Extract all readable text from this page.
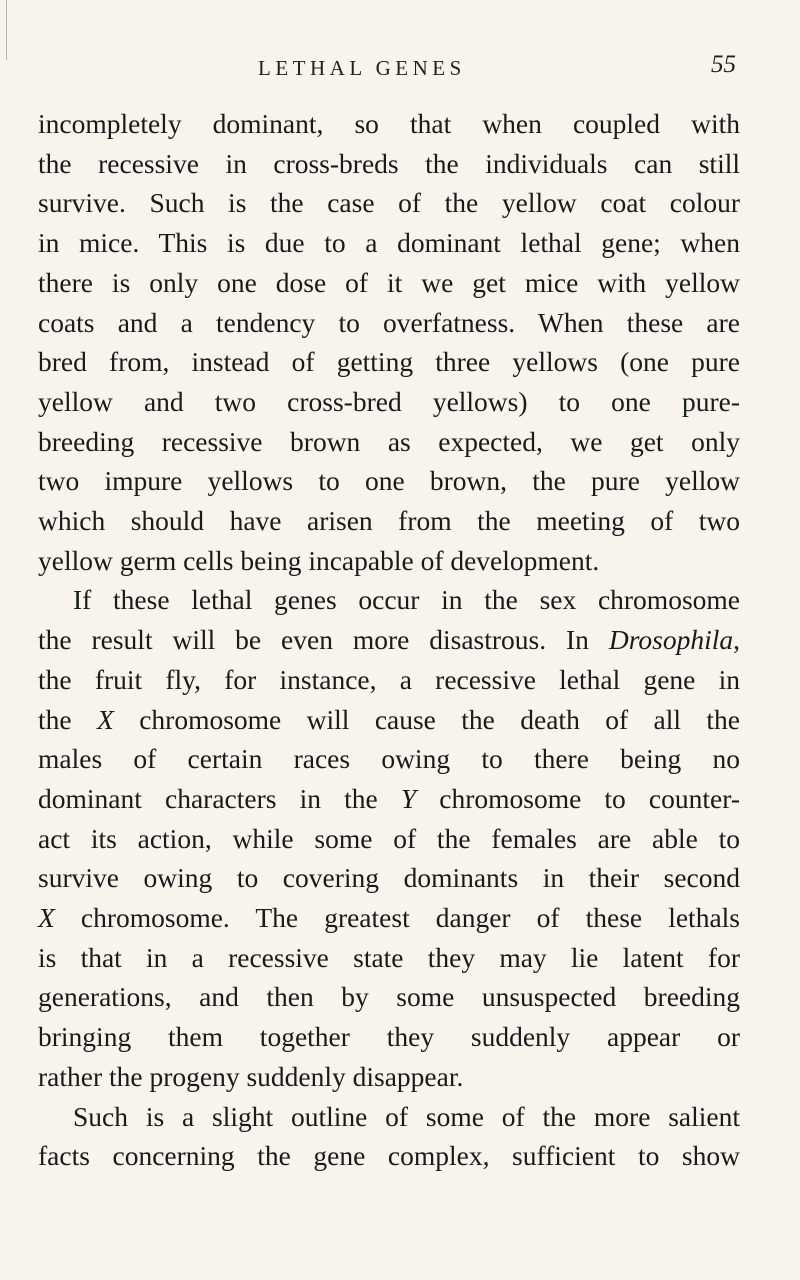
LETHAL GENES	55
incompletely dominant, so that when coupled with
the recessive in cross-breds the individuals can still
survive. Such is the case of the yellow coat colour
in mice. This is due to a dominant lethal gene; when
there is only one dose of it we get mice with yellow
coats and a tendency to overfatness. When these are
bred from, instead of getting three yellows (one pure
yellow and two cross-bred yellows) to one pure-
breeding recessive brown as expected, we get only
two impure yellows to one brown, the pure yellow
which should have arisen from the meeting of two
yellow germ cells being incapable of development.
If these lethal genes occur in the sex chromosome
the result will be even more disastrous. In Drosophila,
the fruit fly, for instance, a recessive lethal gene in
the X chromosome will cause the death of all the
males of certain races owing to there being no
dominant characters in the Y chromosome to counter-
act its action, while some of the females are able to
survive owing to covering dominants in their second
X chromosome. The greatest danger of these lethals
is that in a recessive state they may lie latent for
generations, and then by some unsuspected breeding
bringing them together they suddenly appear or
rather the progeny suddenly disappear.
Such is a slight outline of some of the more salient
facts concerning the gene complex, sufficient to show
